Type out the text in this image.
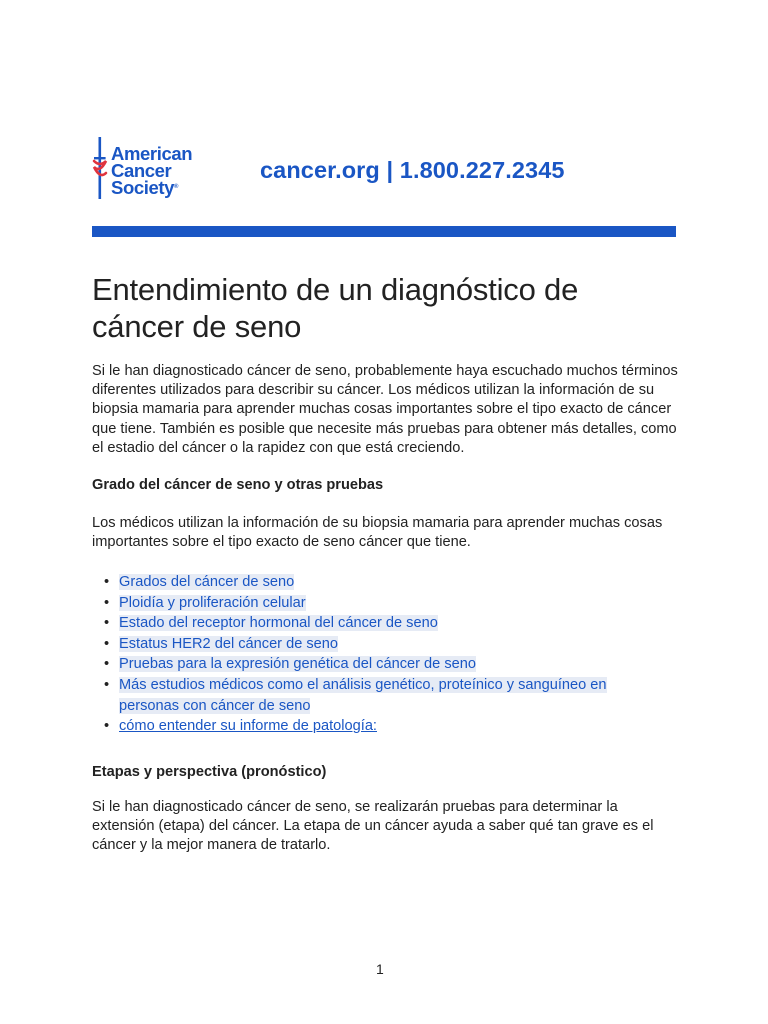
American
Cancer
Society®
cancer.org | 1.800.227.2345
Entendimiento de un diagnóstico de cáncer de seno

Si le han diagnosticado cáncer de seno, probablemente haya escuchado muchos términos diferentes utilizados para describir su cáncer. Los médicos utilizan la información de su biopsia mamaria para aprender muchas cosas importantes sobre el tipo exacto de cáncer que tiene. También es posible que necesite más pruebas para obtener más detalles, como el estadio del cáncer o la rapidez con que está creciendo.

Grado del cáncer de seno y otras pruebas

Los médicos utilizan la información de su biopsia mamaria para aprender muchas cosas importantes sobre el tipo exacto de seno cáncer que tiene.

• Grados del cáncer de seno
• Ploidía y proliferación celular
• Estado del receptor hormonal del cáncer de seno
• Estatus HER2 del cáncer de seno
• Pruebas para la expresión genética del cáncer de seno
• Más estudios médicos como el análisis genético, proteínico y sanguíneo en personas con cáncer de seno
• cómo entender su informe de patología:

Etapas y perspectiva (pronóstico)

Si le han diagnosticado cáncer de seno, se realizarán pruebas para determinar la extensión (etapa) del cáncer. La etapa de un cáncer ayuda a saber qué tan grave es el cáncer y la mejor manera de tratarlo.

1
